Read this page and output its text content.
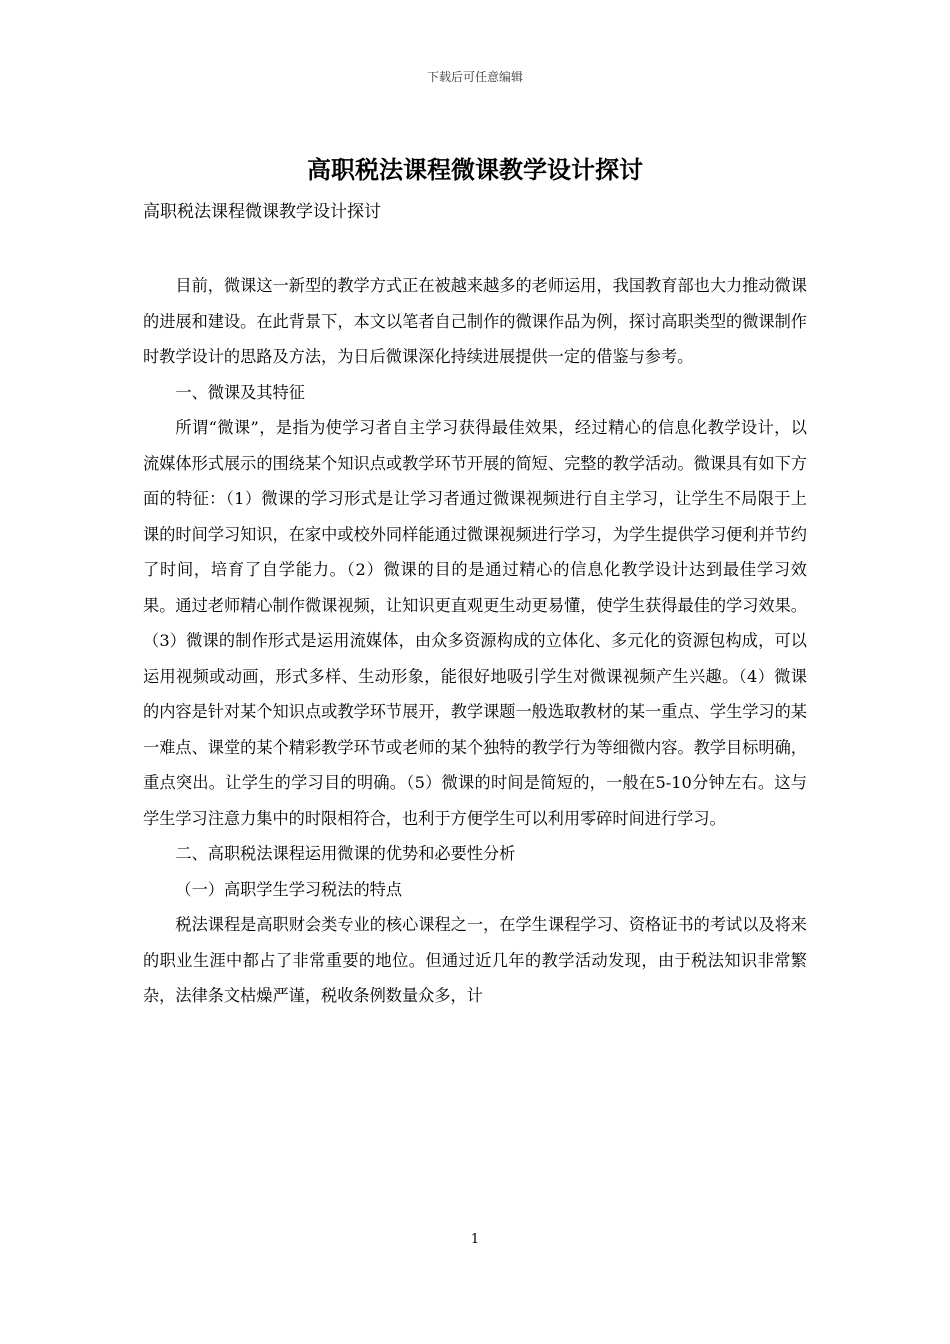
下载后可任意编辑
高职税法课程微课教学设计探讨

高职税法课程微课教学设计探讨

目前，微课这一新型的教学方式正在被越来越多的老师运用，我国教育部也大力推动微课的进展和建设。在此背景下，本文以笔者自己制作的微课作品为例，探讨高职类型的微课制作时教学设计的思路及方法，为日后微课深化持续进展提供一定的借鉴与参考。

一、微课及其特征

所谓“微课”，是指为使学习者自主学习获得最佳效果，经过精心的信息化教学设计，以流媒体形式展示的围绕某个知识点或教学环节开展的简短、完整的教学活动。微课具有如下方面的特征：（1）微课的学习形式是让学习者通过微课视频进行自主学习，让学生不局限于上课的时间学习知识，在家中或校外同样能通过微课视频进行学习，为学生提供学习便利并节约了时间，培育了自学能力。（2）微课的目的是通过精心的信息化教学设计达到最佳学习效果。通过老师精心制作微课视频，让知识更直观更生动更易懂，使学生获得最佳的学习效果。（3）微课的制作形式是运用流媒体，由众多资源构成的立体化、多元化的资源包构成，可以运用视频或动画，形式多样、生动形象，能很好地吸引学生对微课视频产生兴趣。（4）微课的内容是针对某个知识点或教学环节展开，教学课题一般选取教材的某一重点、学生学习的某一难点、课堂的某个精彩教学环节或老师的某个独特的教学行为等细微内容。教学目标明确，重点突出。让学生的学习目的明确。（5）微课的时间是简短的，一般在5-10分钟左右。这与学生学习注意力集中的时限相符合，也利于方便学生可以利用零碎时间进行学习。

二、高职税法课程运用微课的优势和必要性分析

（一）高职学生学习税法的特点

税法课程是高职财会类专业的核心课程之一，在学生课程学习、资格证书的考试以及将来的职业生涯中都占了非常重要的地位。但通过近几年的教学活动发现，由于税法知识非常繁杂，法律条文枯燥严谨，税收条例数量众多，计

1
